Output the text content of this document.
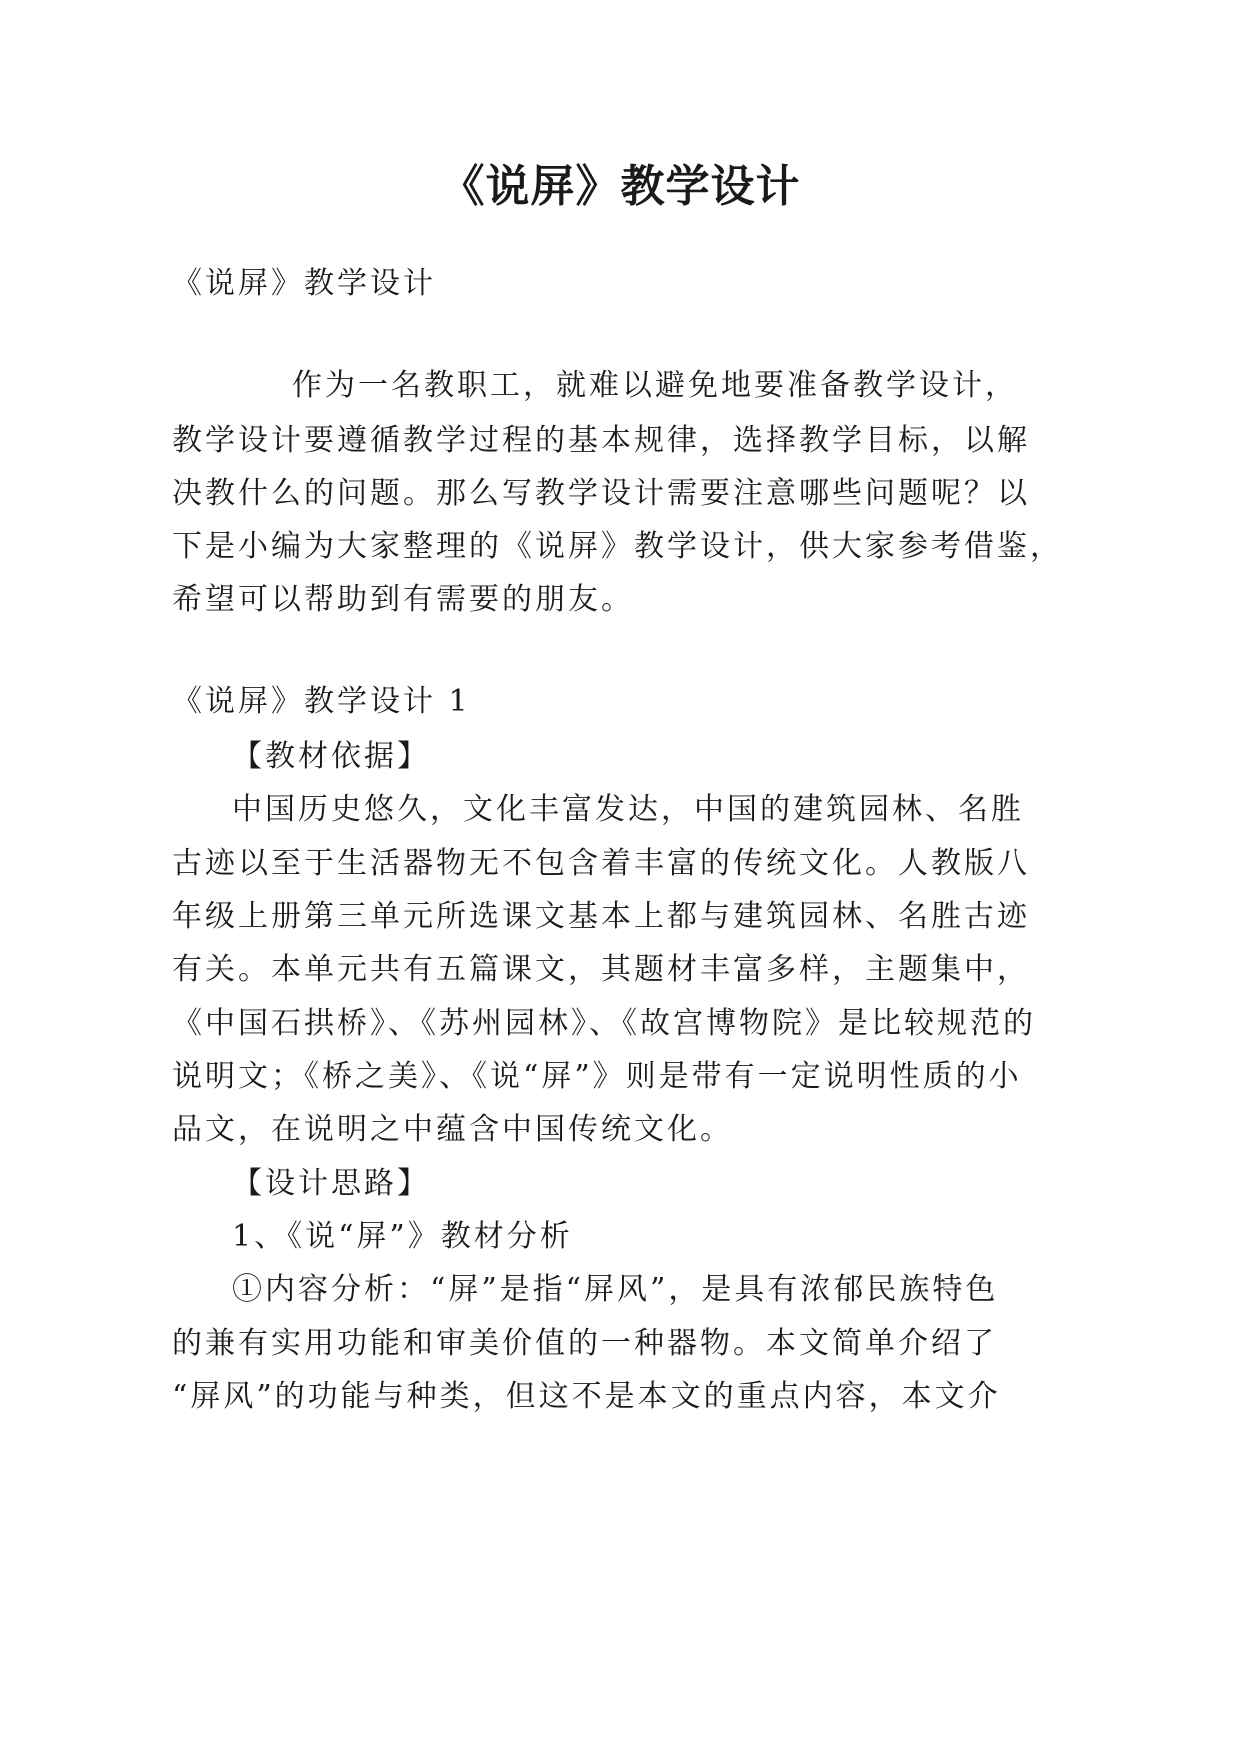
《说屏》教学设计

《说屏》教学设计

作为一名教职工，就难以避免地要准备教学设计，

教学设计要遵循教学过程的基本规律，选择教学目标，以解

决教什么的问题。那么写教学设计需要注意哪些问题呢？以

下是小编为大家整理的《说屏》教学设计，供大家参考借鉴，

希望可以帮助到有需要的朋友。

《说屏》教学设计 1

【教材依据】

中国历史悠久，文化丰富发达，中国的建筑园林、名胜

古迹以至于生活器物无不包含着丰富的传统文化。人教版八

年级上册第三单元所选课文基本上都与建筑园林、名胜古迹

有关。本单元共有五篇课文，其题材丰富多样，主题集中，

《中国石拱桥》、《苏州园林》、《故宫博物院》是比较规范的

说明文；《桥之美》、《说“屏”》则是带有一定说明性质的小

品文，在说明之中蕴含中国传统文化。

【设计思路】

1、《说“屏”》教材分析

①内容分析：“屏”是指“屏风”，是具有浓郁民族特色

的兼有实用功能和审美价值的一种器物。本文简单介绍了

“屏风”的功能与种类，但这不是本文的重点内容，本文介
